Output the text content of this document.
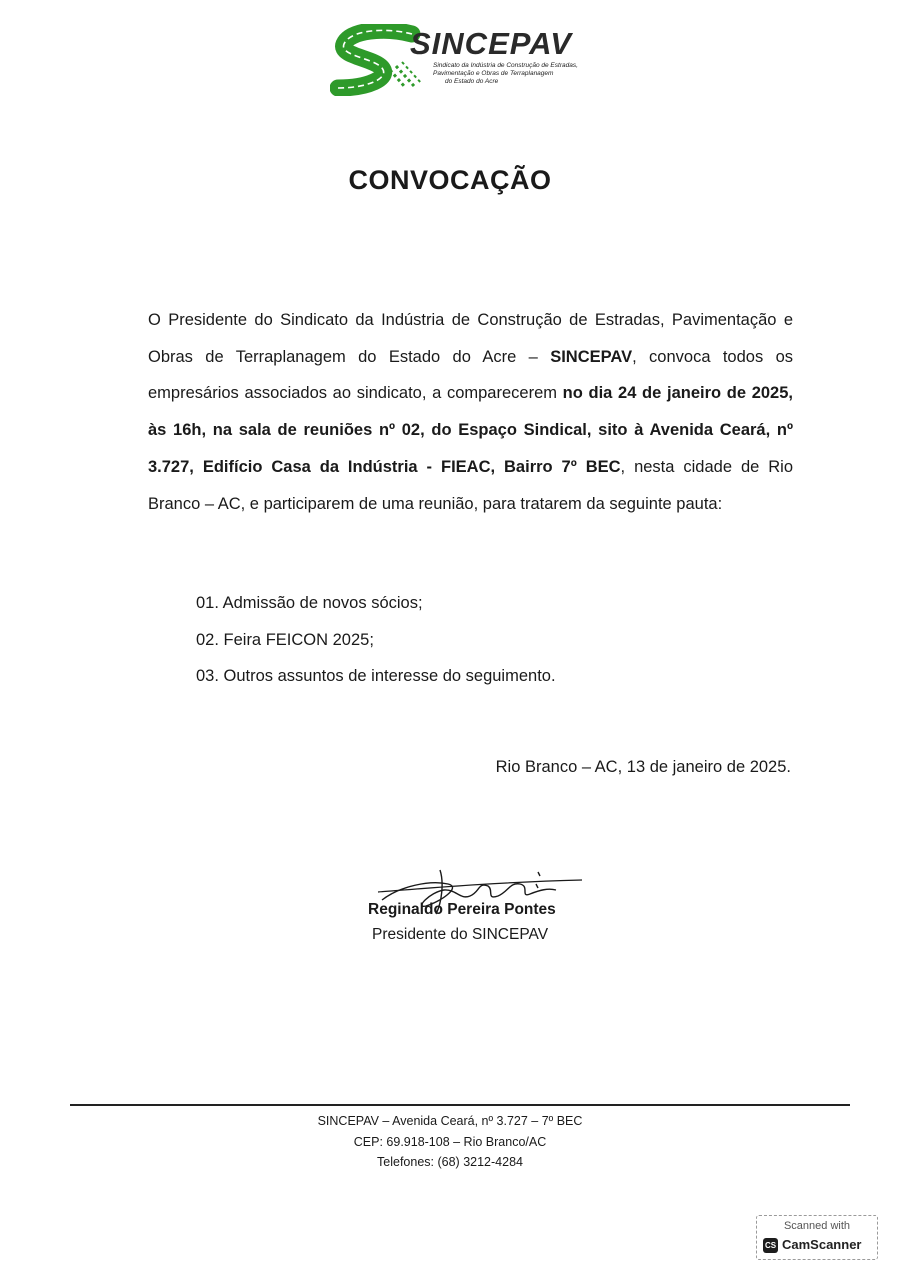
SINCEPAV
Sindicato da Indústria de Construção de Estradas,
Pavimentação e Obras de Terraplanagem
do Estado do Acre
CONVOCAÇÃO
O Presidente do Sindicato da Indústria de Construção de Estradas, Pavimentação e Obras de Terraplanagem do Estado do Acre – SINCEPAV, convoca todos os empresários associados ao sindicato, a comparecerem no dia 24 de janeiro de 2025, às 16h, na sala de reuniões nº 02, do Espaço Sindical, sito à Avenida Ceará, nº 3.727, Edifício Casa da Indústria - FIEAC, Bairro 7º BEC, nesta cidade de Rio Branco – AC, e participarem de uma reunião, para tratarem da seguinte pauta:
01. Admissão de novos sócios;
02. Feira FEICON 2025;
03. Outros assuntos de interesse do seguimento.
Rio Branco – AC, 13 de janeiro de 2025.
Reginaldo Pereira Pontes
Presidente do SINCEPAV
SINCEPAV – Avenida Ceará, nº 3.727 – 7º BEC
CEP: 69.918-108 – Rio Branco/AC
Telefones: (68) 3212-4284
Scanned with
CS CamScanner
